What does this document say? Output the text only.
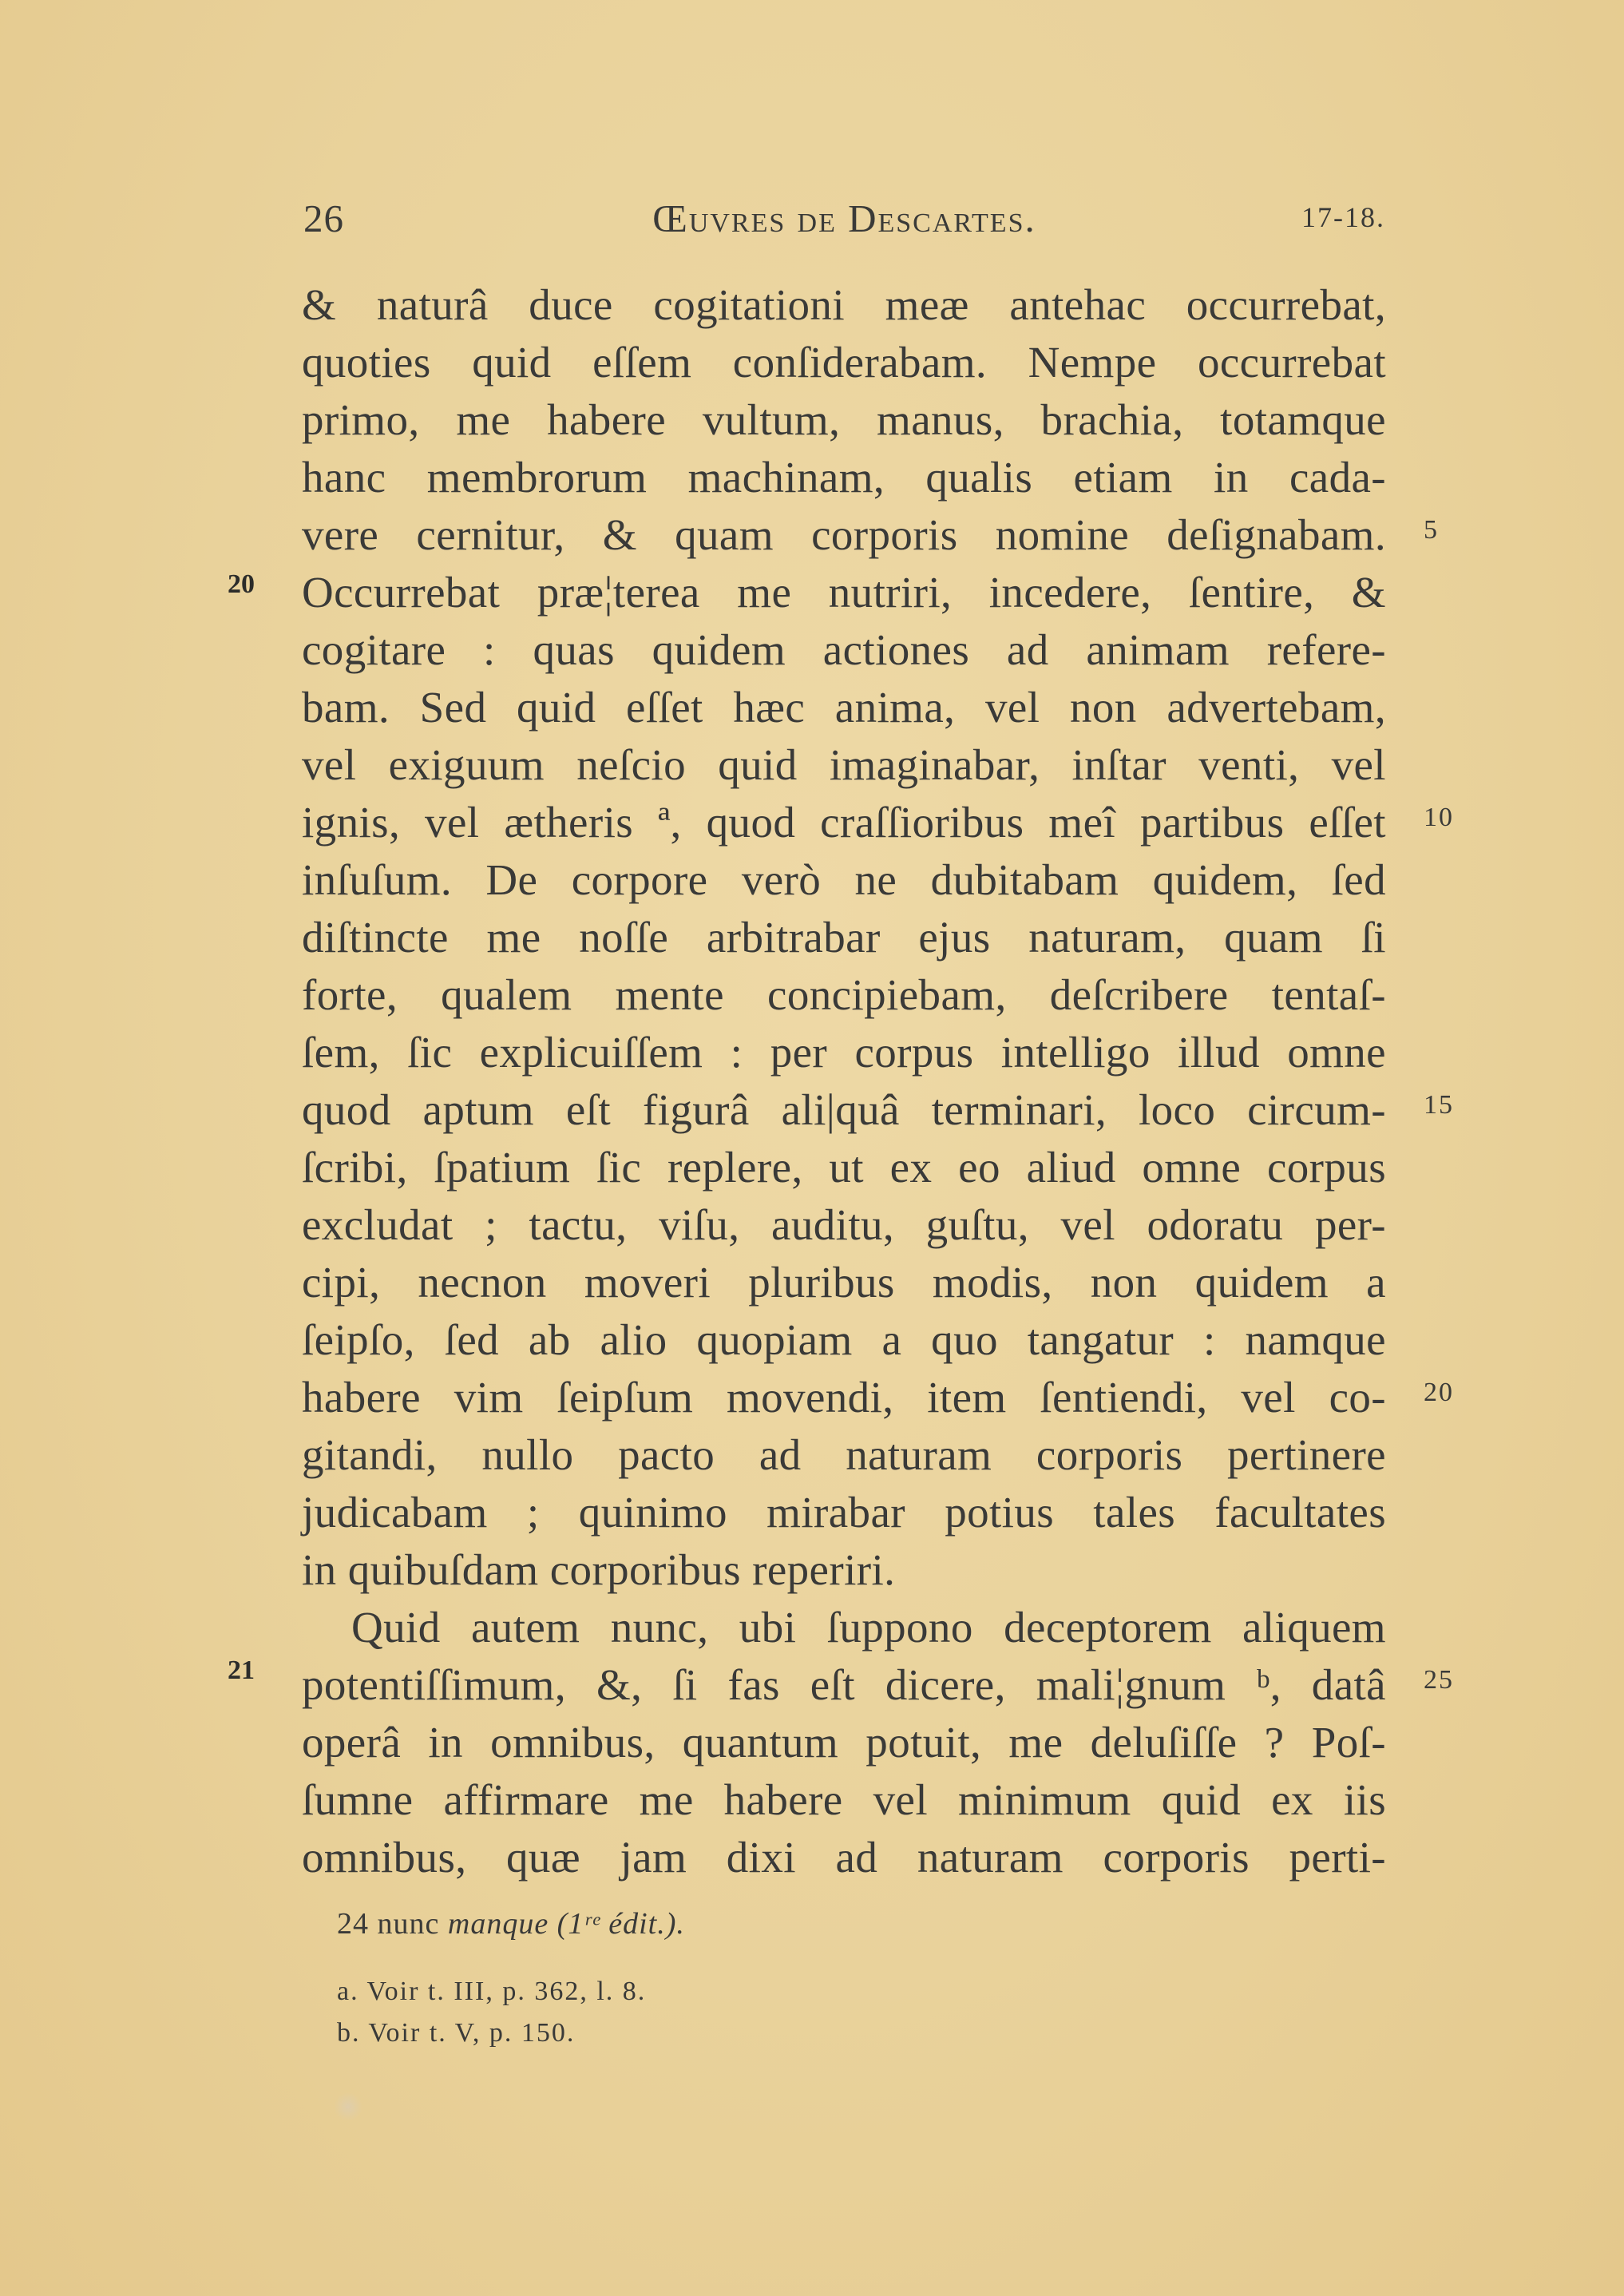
26	Œuvres de Descartes.	17-18.
& naturâ duce cogitationi meæ antehac occurrebat,
quoties quid eſſem conſiderabam. Nempe occurrebat
primo, me habere vultum, manus, brachia, totamque
hanc membrorum machinam, qualis etiam in cada-
vere cernitur, & quam corporis nomine deſignabam.
Occurrebat præ¦terea me nutriri, incedere, ſentire, &
cogitare : quas quidem actiones ad animam refere-
bam. Sed quid eſſet hæc anima, vel non advertebam,
vel exiguum neſcio quid imaginabar, inſtar venti, vel
ignis, vel ætheris ª, quod craſſioribus meî partibus eſſet
inſuſum. De corpore verò ne dubitabam quidem, ſed
diſtincte me noſſe arbitrabar ejus naturam, quam ſi
forte, qualem mente concipiebam, deſcribere tentaſ-
ſem, ſic explicuiſſem : per corpus intelligo illud omne
quod aptum eſt figurâ ali|quâ terminari, loco circum-
ſcribi, ſpatium ſic replere, ut ex eo aliud omne corpus
excludat ; tactu, viſu, auditu, guſtu, vel odoratu per-
cipi, necnon moveri pluribus modis, non quidem a
ſeipſo, ſed ab alio quopiam a quo tangatur : namque
habere vim ſeipſum movendi, item ſentiendi, vel co-
gitandi, nullo pacto ad naturam corporis pertinere
judicabam ; quinimo mirabar potius tales facultates
in quibuſdam corporibus reperiri.
Quid autem nunc, ubi ſuppono deceptorem aliquem
potentiſſimum, &, ſi fas eſt dicere, mali¦gnum ᵇ, datâ
operâ in omnibus, quantum potuit, me deluſiſſe ? Poſ-
ſumne affirmare me habere vel minimum quid ex iis
omnibus, quæ jam dixi ad naturam corporis perti-
20
21
5
10
15
20
25
24 nunc manque (1ʳᵉ édit.).
a. Voir t. III, p. 362, l. 8.
b. Voir t. V, p. 150.
